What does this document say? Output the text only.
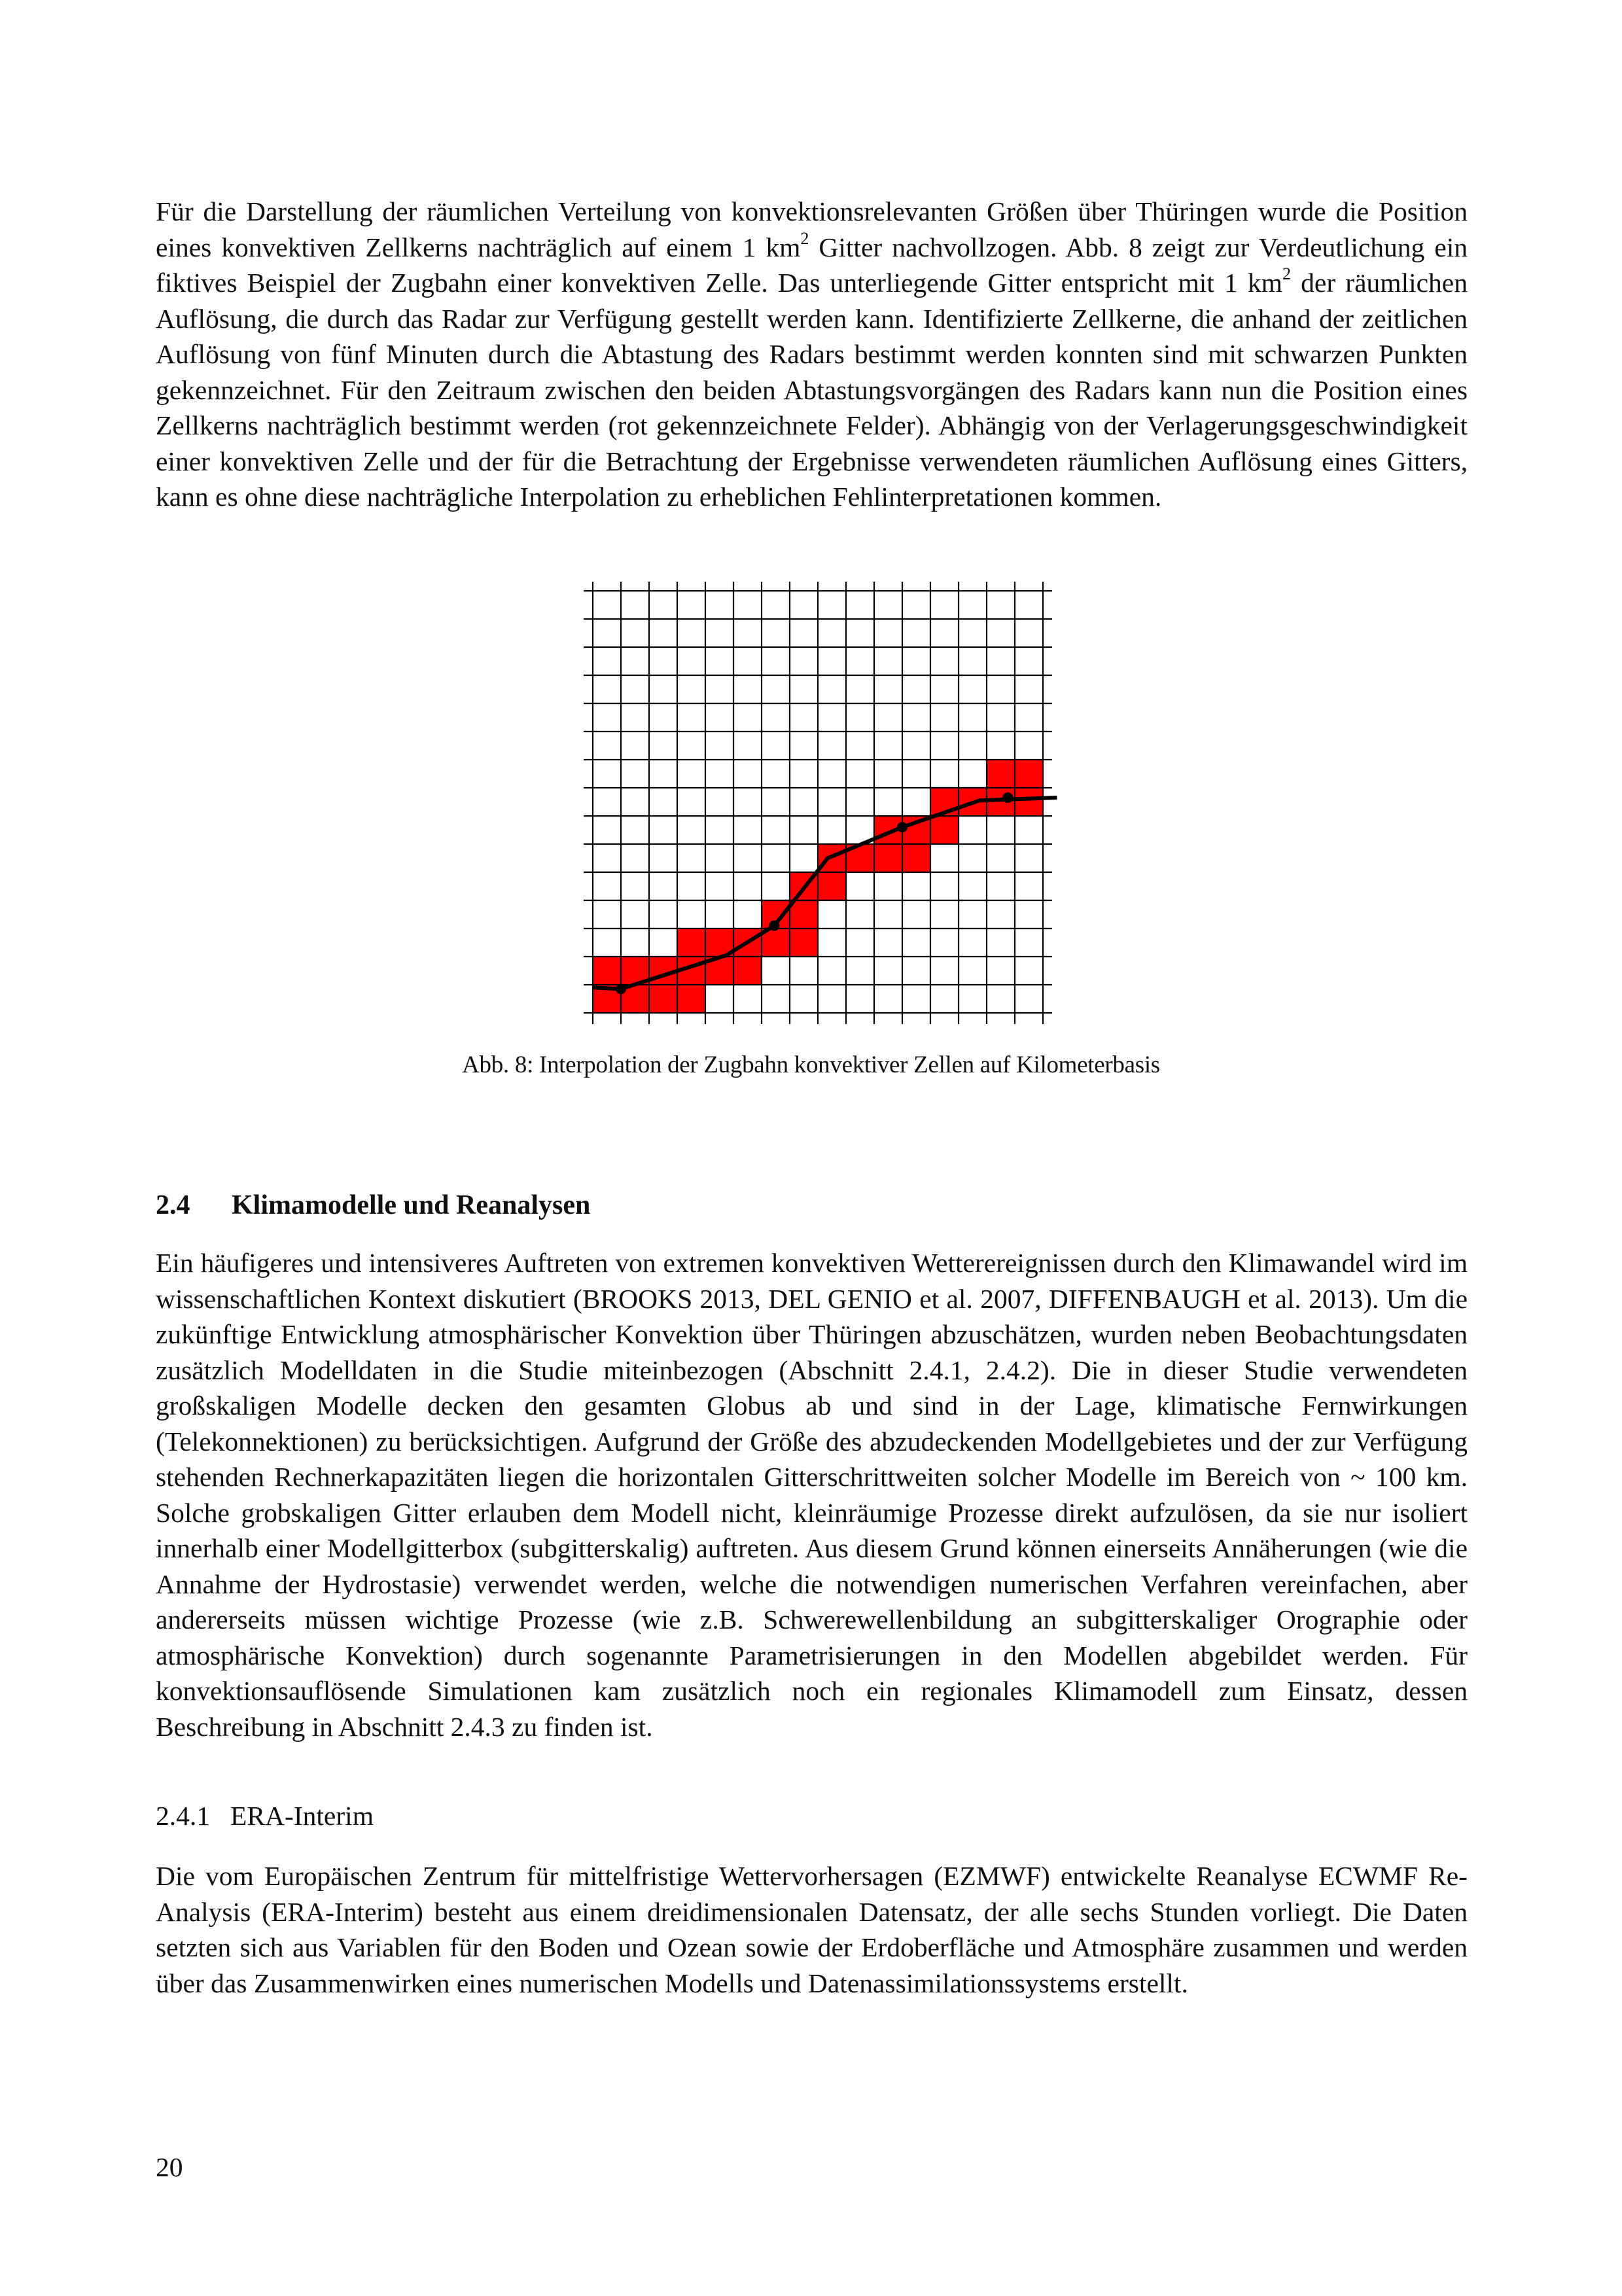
Für die Darstellung der räumlichen Verteilung von konvektionsrelevanten Größen über Thüringen wurde die Position eines konvektiven Zellkerns nachträglich auf einem 1 $km^2$ Gitter nachvollzogen. Abb. 8 zeigt zur Verdeutlichung ein fiktives Beispiel der Zugbahn einer konvektiven Zelle. Das unterliegende Gitter entspricht mit 1 $km^2$ der räumlichen Auflösung, die durch das Radar zur Verfügung gestellt werden kann. Identifizierte Zellkerne, die anhand der zeitlichen Auflösung von fünf Minuten durch die Abtastung des Radars bestimmt werden konnten sind mit schwarzen Punkten gekennzeichnet. Für den Zeitraum zwischen den beiden Abtastungsvorgängen des Radars kann nun die Position eines Zellkerns nachträglich bestimmt werden (rot gekennzeichnete Felder). Abhängig von der Verlagerungsgeschwindigkeit einer konvektiven Zelle und der für die Betrachtung der Ergebnisse verwendeten räumlichen Auflösung eines Gitters, kann es ohne diese nachträgliche Interpolation zu erheblichen Fehlinterpretationen kommen.

Abb. 8: Interpolation der Zugbahn konvektiver Zellen auf Kilometerbasis
2.4 Klimamodelle und Reanalysen

Ein häufigeres und intensiveres Auftreten von extremen konvektiven Wetterereignissen durch den Klimawandel wird im wissenschaftlichen Kontext diskutiert (BROOKS 2013, DEL GENIO et al. 2007, DIFFENBAUGH et al. 2013). Um die zukünftige Entwicklung atmosphärischer Konvektion über Thüringen abzuschätzen, wurden neben Beobachtungsdaten zusätzlich Modelldaten in die Studie miteinbezogen (Abschnitt 2.4.1, 2.4.2). Die in dieser Studie verwendeten großskaligen Modelle decken den gesamten Globus ab und sind in der Lage, klimatische Fernwirkungen (Telekonnektionen) zu berücksichtigen. Aufgrund der Größe des abzudeckenden Modellgebietes und der zur Verfügung stehenden Rechnerkapazitäten liegen die horizontalen Gitterschrittweiten solcher Modelle im Bereich von ~ 100 km. Solche grobskaligen Gitter erlauben dem Modell nicht, kleinräumige Prozesse direkt aufzulösen, da sie nur isoliert innerhalb einer Modellgitterbox (subgitterskalig) auftreten. Aus diesem Grund können einerseits Annäherungen (wie die Annahme der Hydrostasie) verwendet werden, welche die notwendigen numerischen Verfahren vereinfachen, aber andererseits müssen wichtige Prozesse (wie z.B. Schwerewellenbildung an subgitterskaliger Orographie oder atmosphärische Konvektion) durch sogenannte Parametrisierungen in den Modellen abgebildet werden. Für konvektionsauflösende Simulationen kam zusätzlich noch ein regionales Klimamodell zum Einsatz, dessen Beschreibung in Abschnitt 2.4.3 zu finden ist.

2.4.1 ERA-Interim

Die vom Europäischen Zentrum für mittelfristige Wettervorhersagen (EZMWF) entwickelte Reanalyse ECWMF Re-Analysis (ERA-Interim) besteht aus einem dreidimensionalen Datensatz, der alle sechs Stunden vorliegt. Die Daten setzten sich aus Variablen für den Boden und Ozean sowie der Erdoberfläche und Atmosphäre zusammen und werden über das Zusammenwirken eines numerischen Modells und Datenassimilationssystems erstellt.

20
